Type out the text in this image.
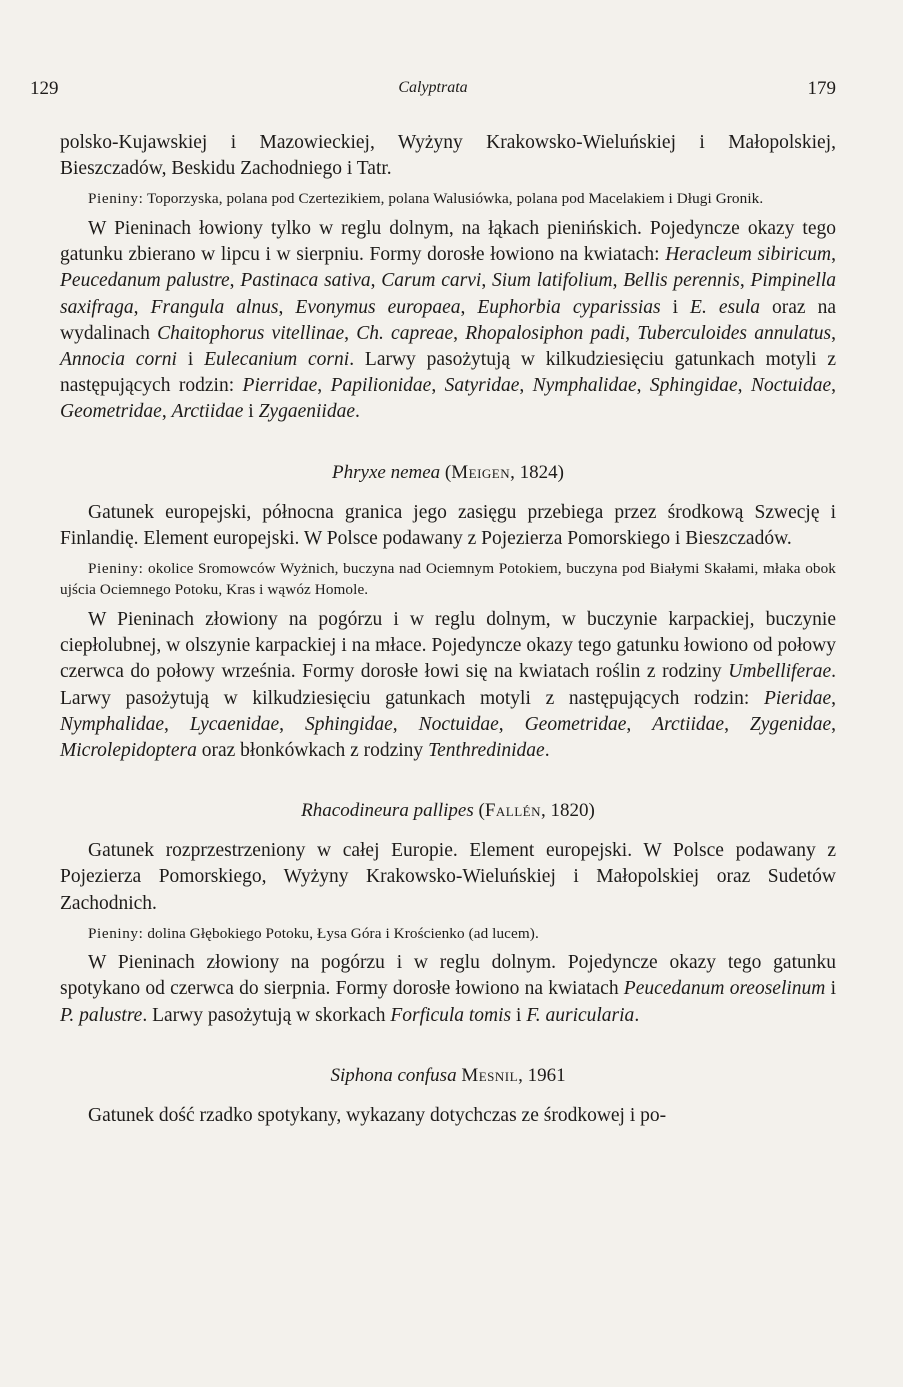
129	Calyptrata	179

polsko-Kujawskiej i Mazowieckiej, Wyżyny Krakowsko-Wieluńskiej i Małopolskiej, Bieszczadów, Beskidu Zachodniego i Tatr.

Pieniny: Toporzyska, polana pod Czertezikiem, polana Walusiówka, polana pod Macelakiem i Długi Gronik.

W Pieninach łowiony tylko w reglu dolnym, na łąkach pienińskich. Pojedyncze okazy tego gatunku zbierano w lipcu i w sierpniu. Formy dorosłe łowiono na kwiatach: Heracleum sibiricum, Peucedanum palustre, Pastinaca sativa, Carum carvi, Sium latifolium, Bellis perennis, Pimpinella saxifraga, Frangula alnus, Evonymus europaea, Euphorbia cyparissias i E. esula oraz na wydalinach Chaitophorus vitellinae, Ch. capreae, Rhopalosiphon padi, Tuberculoides annulatus, Annocia corni i Eulecanium corni. Larwy pasożytują w kilkudziesięciu gatunkach motyli z następujących rodzin: Pierridae, Papilionidae, Satyridae, Nymphalidae, Sphingidae, Noctuidae, Geometridae, Arctiidae i Zygaeniidae.

Phryxe nemea (Meigen, 1824)

Gatunek europejski, północna granica jego zasięgu przebiega przez środkową Szwecję i Finlandię. Element europejski. W Polsce podawany z Pojezierza Pomorskiego i Bieszczadów.

Pieniny: okolice Sromowców Wyżnich, buczyna nad Ociemnym Potokiem, buczyna pod Białymi Skałami, młaka obok ujścia Ociemnego Potoku, Kras i wąwóz Homole.

W Pieninach złowiony na pogórzu i w reglu dolnym, w buczynie karpackiej, buczynie ciepłolubnej, w olszynie karpackiej i na młace. Pojedyncze okazy tego gatunku łowiono od połowy czerwca do połowy września. Formy dorosłe łowi się na kwiatach roślin z rodziny Umbelliferae. Larwy pasożytują w kilkudziesięciu gatunkach motyli z następujących rodzin: Pieridae, Nymphalidae, Lycaenidae, Sphingidae, Noctuidae, Geometridae, Arctiidae, Zygenidae, Microlepidoptera oraz błonkówkach z rodziny Tenthredinidae.

Rhacodineura pallipes (Fallén, 1820)

Gatunek rozprzestrzeniony w całej Europie. Element europejski. W Polsce podawany z Pojezierza Pomorskiego, Wyżyny Krakowsko-Wieluńskiej i Małopolskiej oraz Sudetów Zachodnich.

Pieniny: dolina Głębokiego Potoku, Łysa Góra i Krościenko (ad lucem).

W Pieninach złowiony na pogórzu i w reglu dolnym. Pojedyncze okazy tego gatunku spotykano od czerwca do sierpnia. Formy dorosłe łowiono na kwiatach Peucedanum oreoselinum i P. palustre. Larwy pasożytują w skorkach Forficula tomis i F. auricularia.

Siphona confusa Mesnil, 1961

Gatunek dość rzadko spotykany, wykazany dotychczas ze środkowej i po-
